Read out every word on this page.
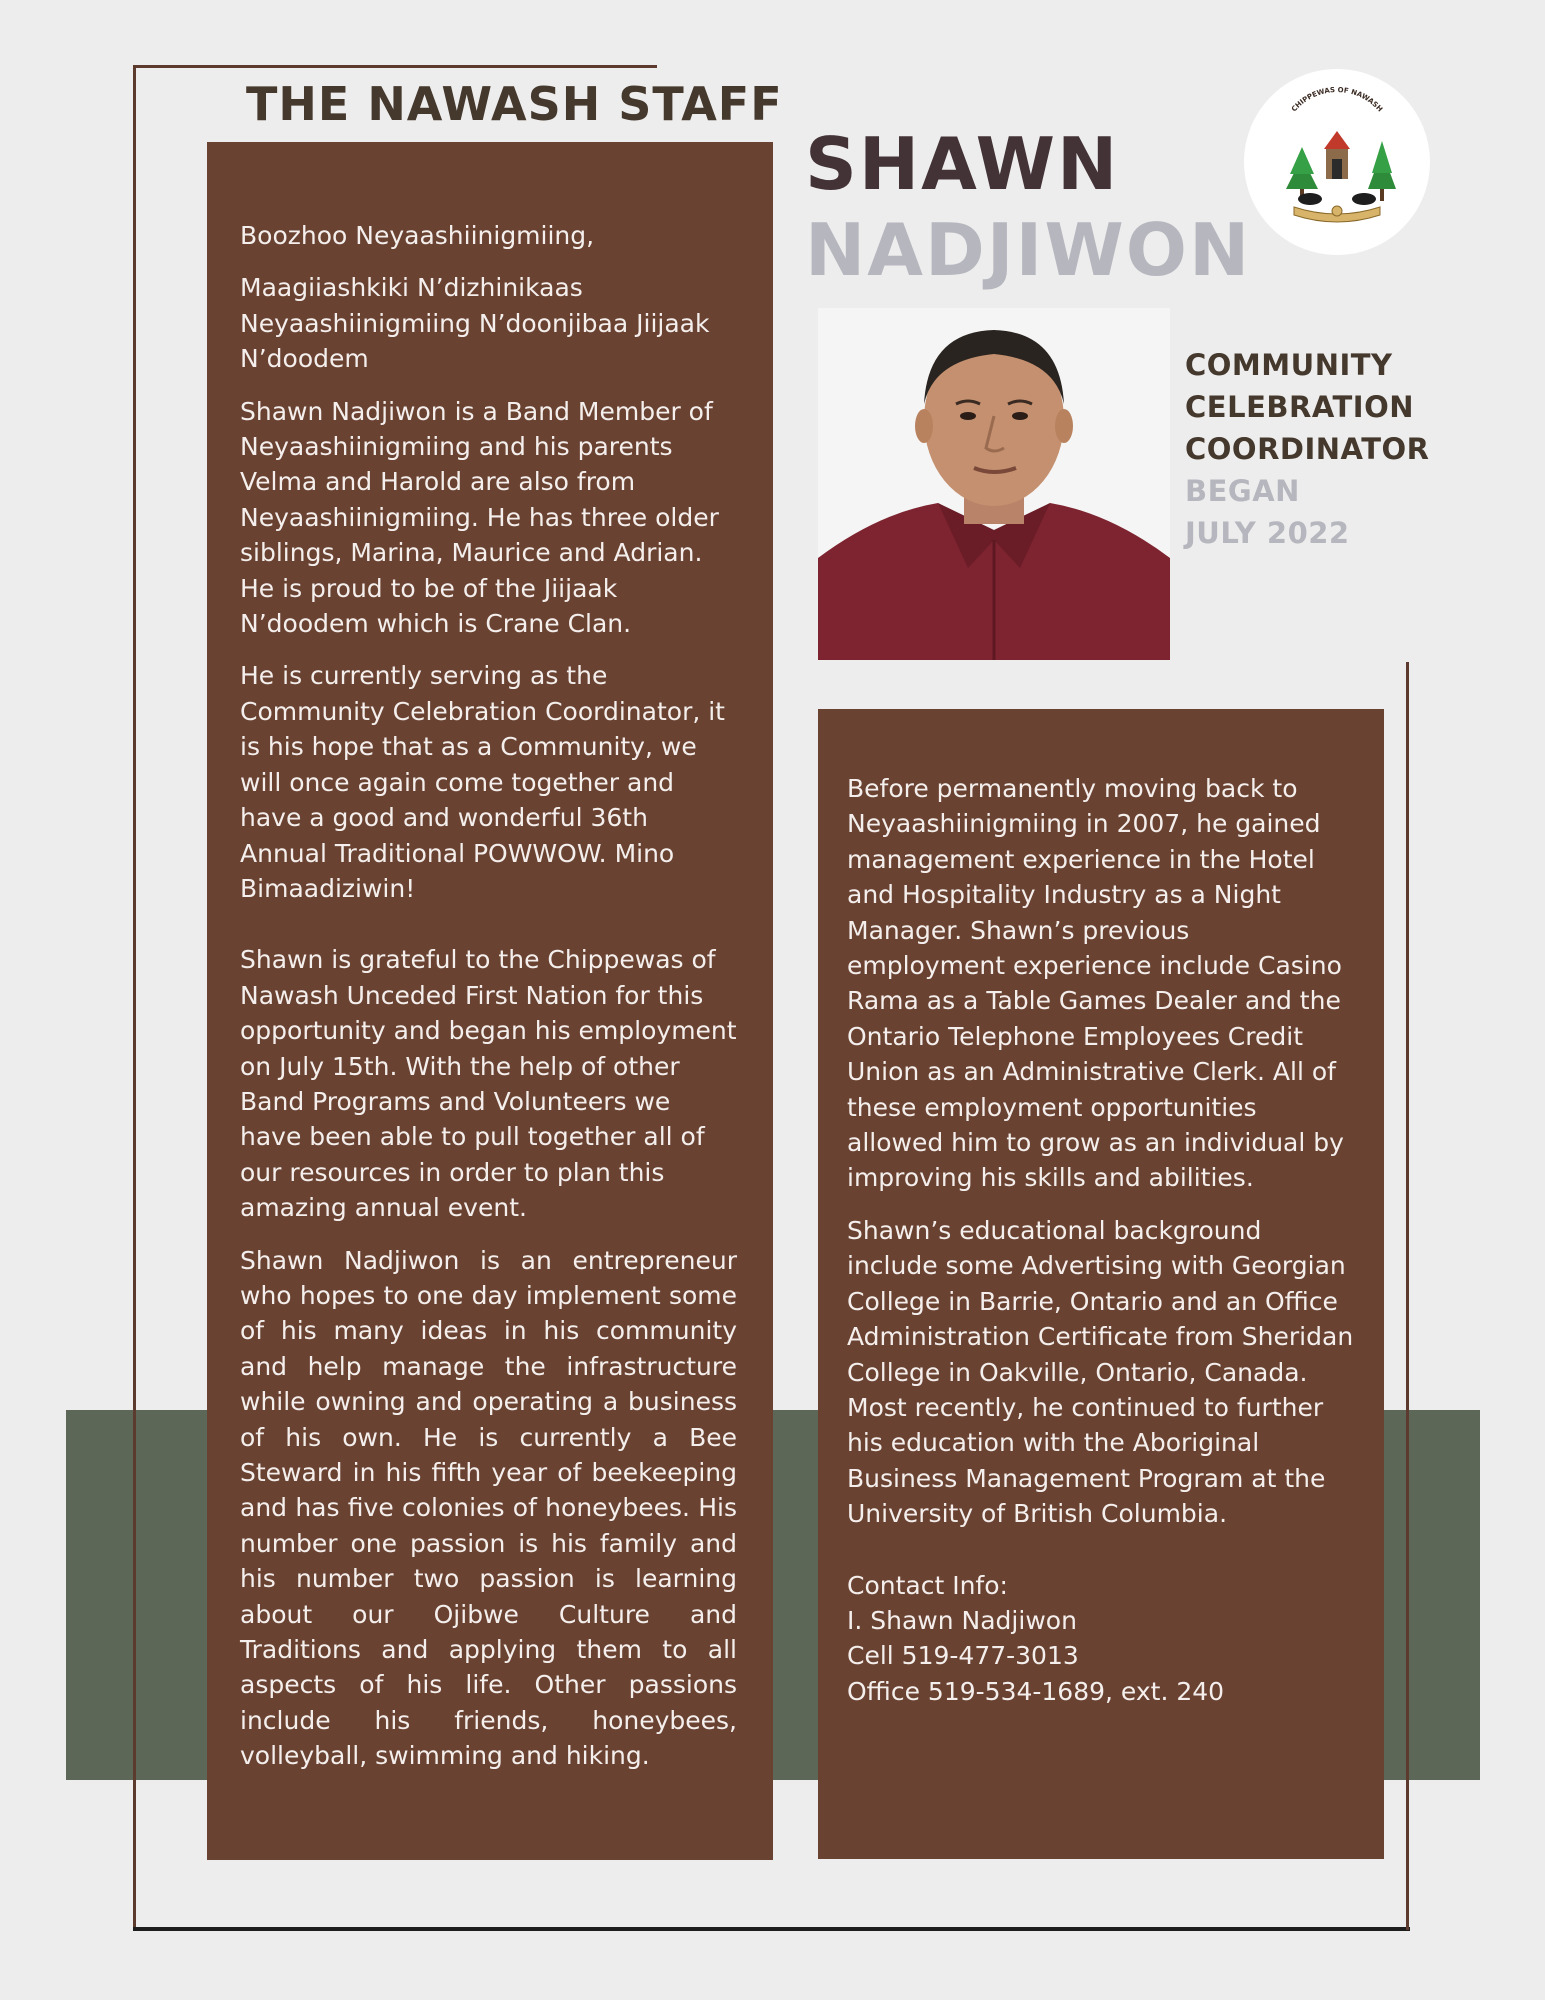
THE NAWASH STAFF
SHAWN
NADJIWON
CHIPPEWAS OF NAWASH
COMMUNITY
CELEBRATION
COORDINATOR
BEGAN
JULY 2022

Boozhoo Neyaashiinigmiing,

Maagiiashkiki N’dizhinikaas Neyaashiinigmiing N’doonjibaa Jiijaak N’doodem

Shawn Nadjiwon is a Band Member of Neyaashiinigmiing and his parents Velma and Harold are also from Neyaashiinigmiing. He has three older siblings, Marina, Maurice and Adrian. He is proud to be of the Jiijaak N’doodem which is Crane Clan.

He is currently serving as the Community Celebration Coordinator, it is his hope that as a Community, we will once again come together and have a good and wonderful 36th Annual Traditional POWWOW. Mino Bimaadiziwin!

Shawn is grateful to the Chippewas of Nawash Unceded First Nation for this opportunity and began his employment on July 15th. With the help of other Band Programs and Volunteers we have been able to pull together all of our resources in order to plan this amazing annual event.

Shawn Nadjiwon is an entrepreneur who hopes to one day implement some of his many ideas in his community and help manage the infrastructure while owning and operating a business of his own. He is currently a Bee Steward in his fifth year of beekeeping and has five colonies of honeybees. His number one passion is his family and his number two passion is learning about our Ojibwe Culture and Traditions and applying them to all aspects of his life. Other passions include his friends, honeybees, volleyball, swimming and hiking.

Before permanently moving back to Neyaashiinigmiing in 2007, he gained management experience in the Hotel and Hospitality Industry as a Night Manager. Shawn’s previous employment experience include Casino Rama as a Table Games Dealer and the Ontario Telephone Employees Credit Union as an Administrative Clerk. All of these employment opportunities allowed him to grow as an individual by improving his skills and abilities.

Shawn’s educational background include some Advertising with Georgian College in Barrie, Ontario and an Office Administration Certificate from Sheridan College in Oakville, Ontario, Canada. Most recently, he continued to further his education with the Aboriginal Business Management Program at the University of British Columbia.

Contact Info:
I. Shawn Nadjiwon
Cell 519-477-3013
Office 519-534-1689, ext. 240
